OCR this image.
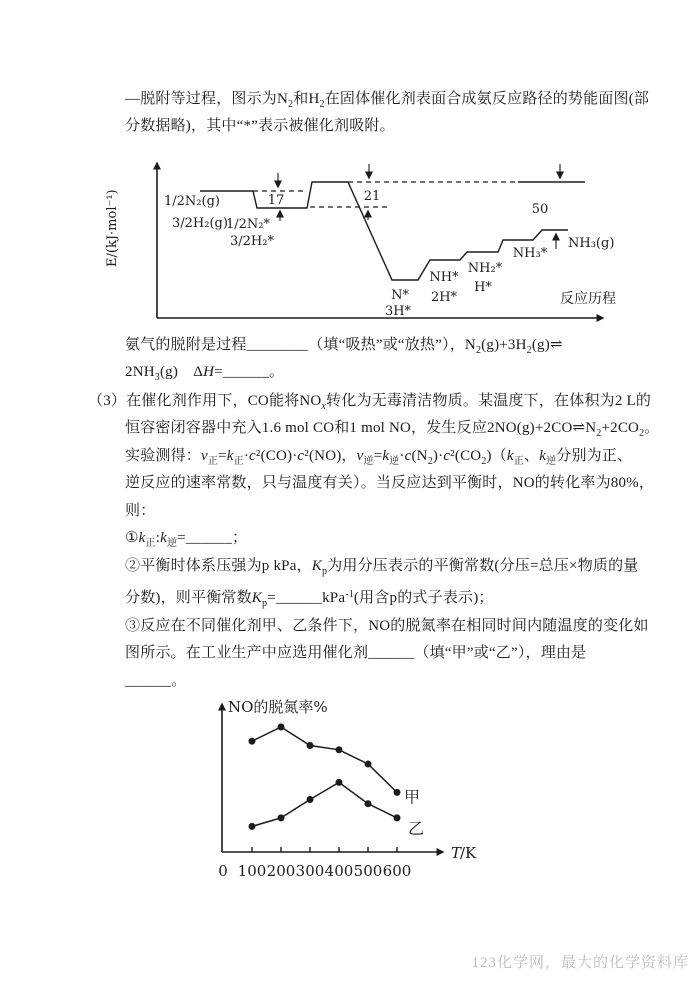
—脱附等过程，图示为$N_2$和$H_2$在固体催化剂表面合成氨反应路径的势能面图(部
分数据略)，其中“*”表示被催化剂吸附。
氨气的脱附是过程________（填“吸热”或“放热”），$N_2(g)+3H_2(g)\rightleftharpoons$
$2NH_3(g)$　ΔH=______。
（3）在催化剂作用下，CO能将$NO_x$转化为无毒清洁物质。某温度下，在体积为2 L的
恒容密闭容器中充入1.6 mol CO和1 mol NO，发生反应$2NO(g)+2CO\rightleftharpoons N_2+2CO_2$。
实验测得：$v_正=k_正\cdot c^2(CO)\cdot c^2(NO)$，$v_逆=k_逆\cdot c(N_2)\cdot c^2(CO_2)(k_正$、$k_逆$分别为正、
逆反应的速率常数，只与温度有关）。当反应达到平衡时，NO的转化率为80%，
则：
$①k_正:k_逆=\_\_\_\_\_\_$；
②平衡时体系压强为p kPa，$K_p$为用分压表示的平衡常数(分压=总压×物质的量
分数)，则平衡常数$K_p=\_\_\_\_\_\_kPa^{-1}$(用含p的式子表示)；
③反应在不同催化剂甲、乙条件下，NO的脱氮率在相同时间内随温度的变化如
图所示。在工业生产中应选用催化剂______（填“甲”或“乙”），理由是
______。
E/(kJ·mol⁻¹)
反应历程
17	21
50
1/2N₂(g)
3/2H₂(g)
1/2N₂*
3/2H₂*
N*
3H*
NH*
2H*
NH₂*
H*
NH₃*
NH₃(g)
NO的脱氮率%
T
/K
0 100 200 300 400 500 600
甲
乙
123化学网，最大的化学资料库
